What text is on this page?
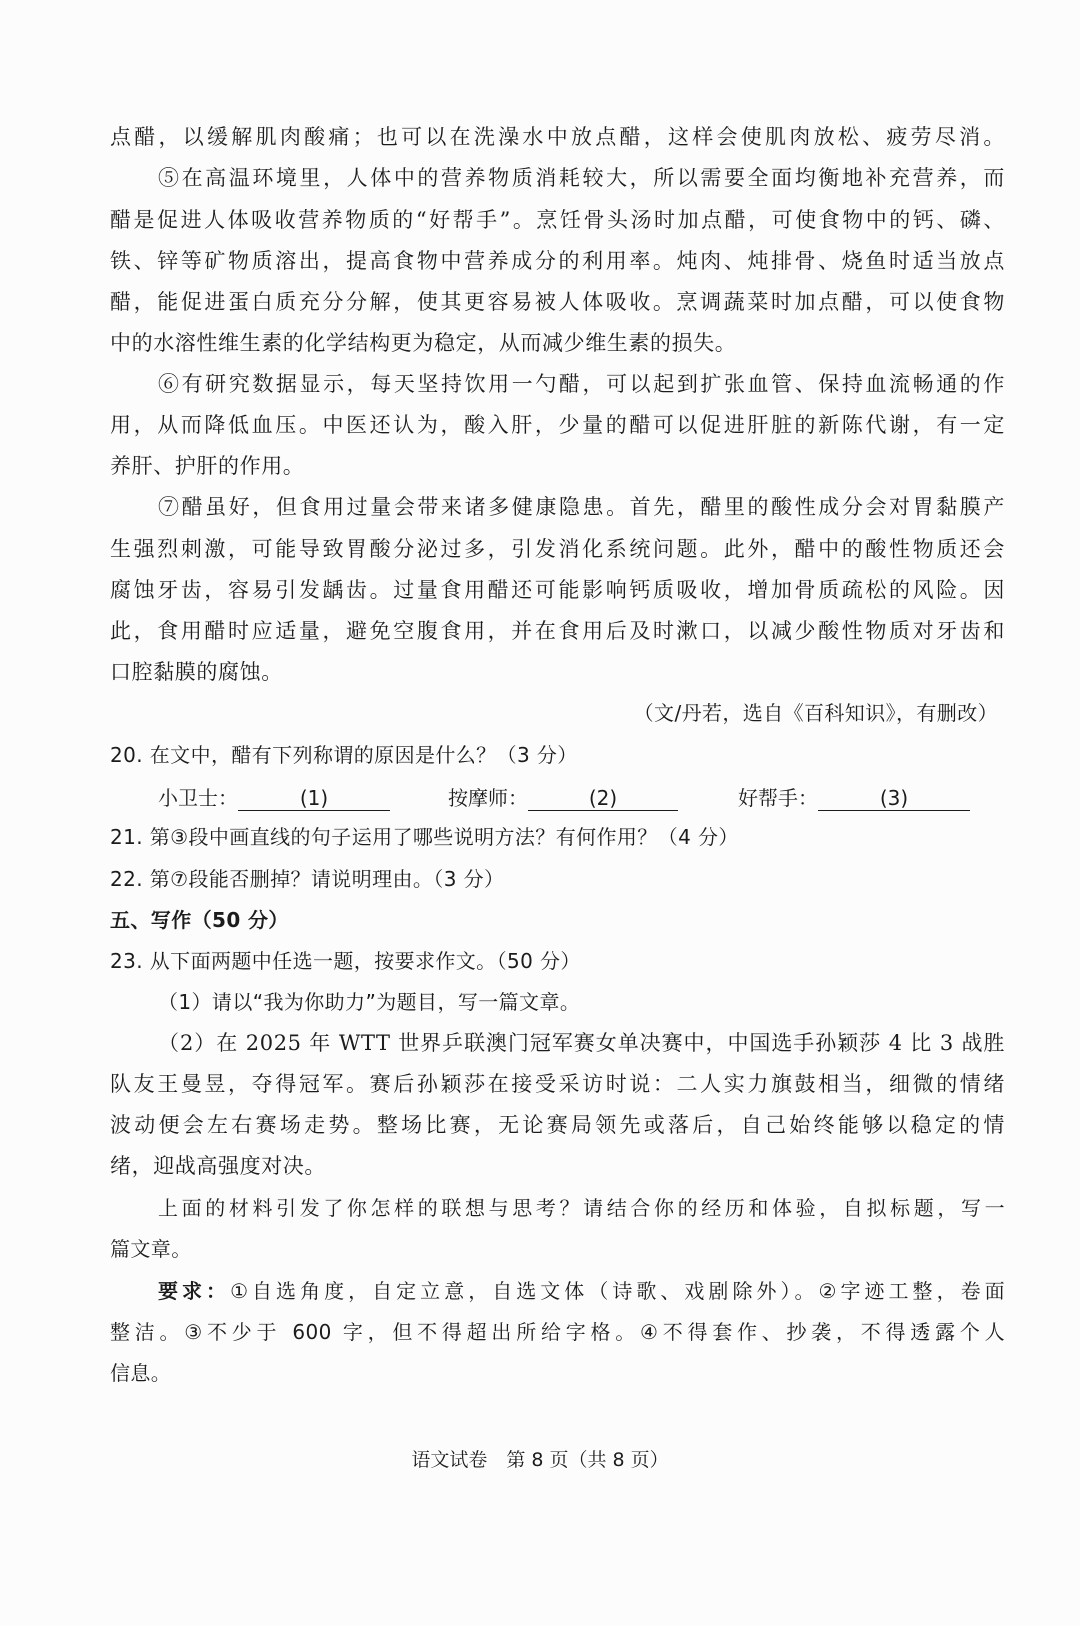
点醋，以缓解肌肉酸痛；也可以在洗澡水中放点醋，这样会使肌肉放松、疲劳尽消。
⑤在高温环境里，人体中的营养物质消耗较大，所以需要全面均衡地补充营养，而
醋是促进人体吸收营养物质的“好帮手”。烹饪骨头汤时加点醋，可使食物中的钙、磷、
铁、锌等矿物质溶出，提高食物中营养成分的利用率。炖肉、炖排骨、烧鱼时适当放点
醋，能促进蛋白质充分分解，使其更容易被人体吸收。烹调蔬菜时加点醋，可以使食物
中的水溶性维生素的化学结构更为稳定，从而减少维生素的损失。
⑥有研究数据显示，每天坚持饮用一勺醋，可以起到扩张血管、保持血流畅通的作
用，从而降低血压。中医还认为，酸入肝，少量的醋可以促进肝脏的新陈代谢，有一定
养肝、护肝的作用。
⑦醋虽好，但食用过量会带来诸多健康隐患。首先，醋里的酸性成分会对胃黏膜产
生强烈刺激，可能导致胃酸分泌过多，引发消化系统问题。此外，醋中的酸性物质还会
腐蚀牙齿，容易引发龋齿。过量食用醋还可能影响钙质吸收，增加骨质疏松的风险。因
此，食用醋时应适量，避免空腹食用，并在食用后及时漱口，以减少酸性物质对牙齿和
口腔黏膜的腐蚀。
（文/丹若，选自《百科知识》，有删改）
20. 在文中，醋有下列称谓的原因是什么？（3 分）
小卫士：	(1)	按摩师：	(2)	好帮手：	(3)
21. 第③段中画直线的句子运用了哪些说明方法？有何作用？（4 分）
22. 第⑦段能否删掉？请说明理由。（3 分）
五、写作（50 分）
23. 从下面两题中任选一题，按要求作文。（50 分）
（1）请以“我为你助力”为题目，写一篇文章。
（2）在 2025 年 WTT 世界乒联澳门冠军赛女单决赛中，中国选手孙颖莎 4 比 3 战胜
队友王曼昱，夺得冠军。赛后孙颖莎在接受采访时说：二人实力旗鼓相当，细微的情绪
波动便会左右赛场走势。整场比赛，无论赛局领先或落后，自己始终能够以稳定的情
绪，迎战高强度对决。
上面的材料引发了你怎样的联想与思考？请结合你的经历和体验，自拟标题，写一
篇文章。
要求：①自选角度，自定立意，自选文体（诗歌、戏剧除外）。②字迹工整，卷面
整洁。③不少于 600 字，但不得超出所给字格。④不得套作、抄袭，不得透露个人
信息。
语文试卷　第 8 页（共 8 页）
